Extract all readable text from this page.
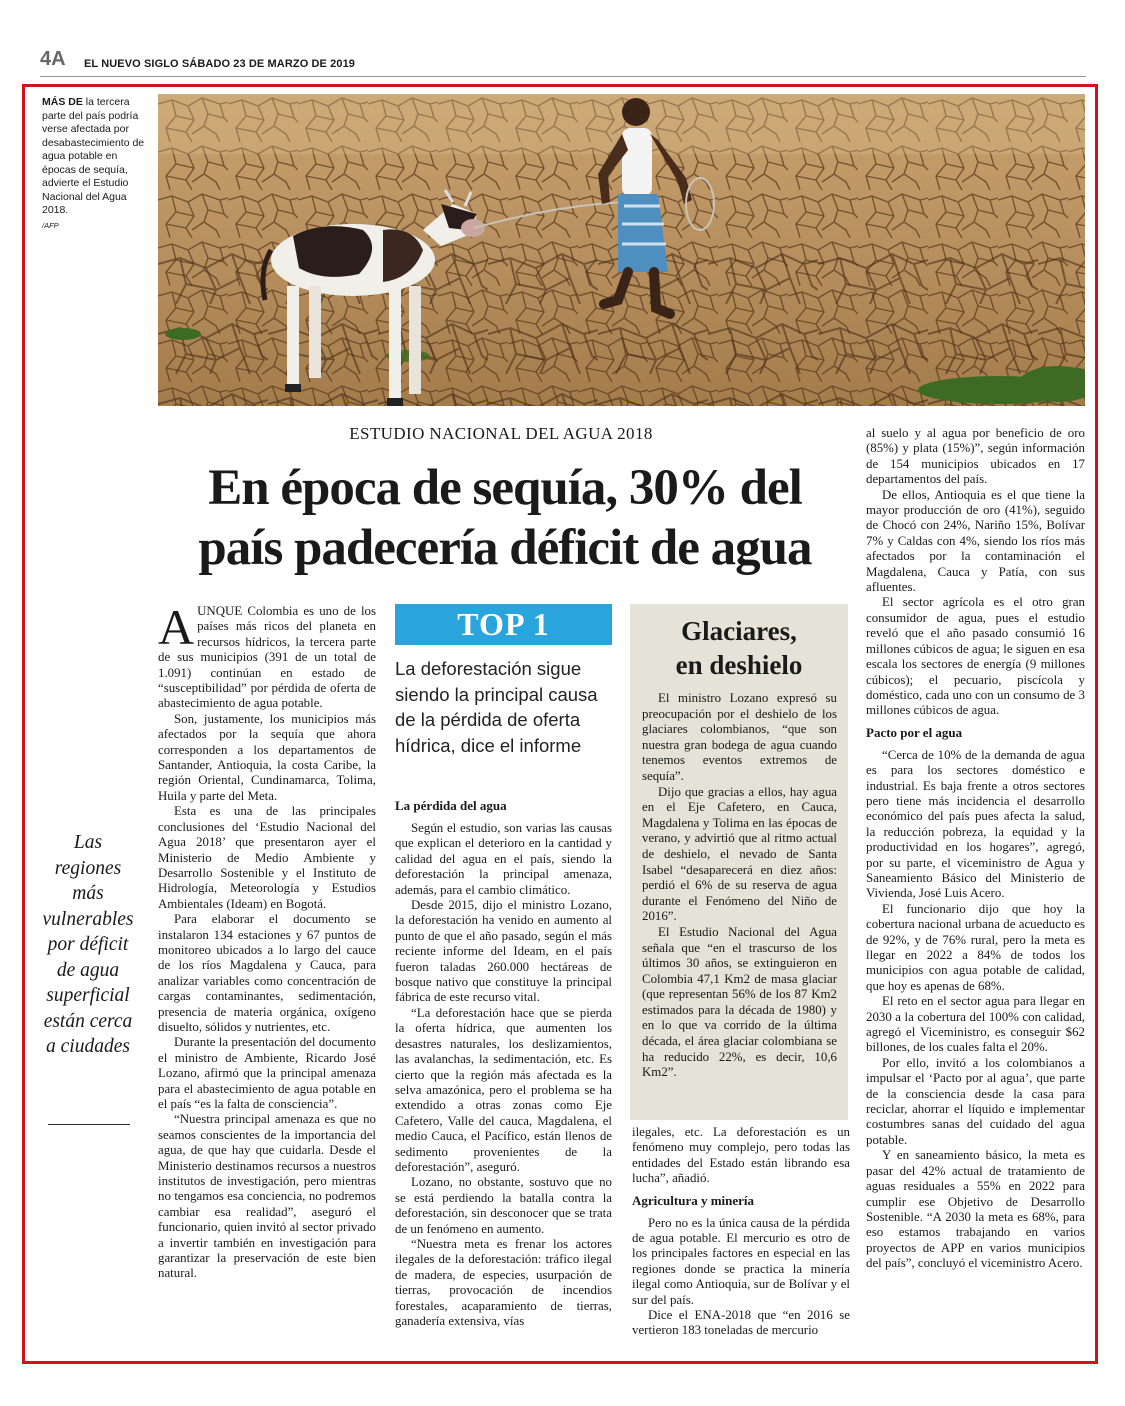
4A EL NUEVO SIGLO SÁBADO 23 DE MARZO DE 2019
MÁS DE la tercera parte del país podría verse afectada por desabastecimiento de agua potable en épocas de sequía, advierte el Estudio Nacional del Agua 2018.
/AFP
ESTUDIO NACIONAL DEL AGUA 2018
En época de sequía, 30% del
país padecería déficit de agua

AUNQUE Colombia es uno de los países más ricos del planeta en recursos hídricos, la tercera parte de sus municipios (391 de un total de 1.091) continúan en estado de “susceptibilidad” por pérdida de oferta de abastecimiento de agua potable.

Son, justamente, los municipios más afectados por la sequía que ahora corresponden a los departamentos de Santander, Antioquia, la costa Caribe, la región Oriental, Cundinamarca, Tolima, Huila y parte del Meta.

Esta es una de las principales conclusiones del ‘Estudio Nacional del Agua 2018’ que presentaron ayer el Ministerio de Medio Ambiente y Desarrollo Sostenible y el Instituto de Hidrología, Meteorología y Estudios Ambientales (Ideam) en Bogotá.

Para elaborar el documento se instalaron 134 estaciones y 67 puntos de monitoreo ubicados a lo largo del cauce de los ríos Magdalena y Cauca, para analizar variables como concentración de cargas contaminantes, sedimentación, presencia de materia orgánica, oxígeno disuelto, sólidos y nutrientes, etc.

Durante la presentación del documento el ministro de Ambiente, Ricardo José Lozano, afirmó que la principal amenaza para el abastecimiento de agua potable en el país “es la falta de consciencia”.

“Nuestra principal amenaza es que no seamos conscientes de la importancia del agua, de que hay que cuidarla. Desde el Ministerio destinamos recursos a nuestros institutos de investigación, pero mientras no tengamos esa conciencia, no podremos cambiar esa realidad”, aseguró el funcionario, quien invitó al sector privado a invertir también en investigación para garantizar la preservación de este bien natural.

Las regiones más vulnerables por déficit de agua superficial están cerca a ciudades
TOP 1
La deforestación sigue siendo la principal causa de la pérdida de oferta hídrica, dice el informe
La pérdida del agua

Según el estudio, son varias las causas que explican el deterioro en la cantidad y calidad del agua en el país, siendo la deforestación la principal amenaza, además, para el cambio climático.

Desde 2015, dijo el ministro Lozano, la deforestación ha venido en aumento al punto de que el año pasado, según el más reciente informe del Ideam, en el país fueron taladas 260.000 hectáreas de bosque nativo que constituye la principal fábrica de este recurso vital.

“La deforestación hace que se pierda la oferta hídrica, que aumenten los desastres naturales, los deslizamientos, las avalanchas, la sedimentación, etc. Es cierto que la región más afectada es la selva amazónica, pero el problema se ha extendido a otras zonas como Eje Cafetero, Valle del cauca, Magdalena, el medio Cauca, el Pacífico, están llenos de sedimento provenientes de la deforestación”, aseguró.

Lozano, no obstante, sostuvo que no se está perdiendo la batalla contra la deforestación, sin desconocer que se trata de un fenómeno en aumento.

“Nuestra meta es frenar los actores ilegales de la deforestación: tráfico ilegal de madera, de especies, usurpación de tierras, provocación de incendios forestales, acaparamiento de tierras, ganadería extensiva, vías

Glaciares,
en deshielo

El ministro Lozano expresó su preocupación por el deshielo de los glaciares colombianos, “que son nuestra gran bodega de agua cuando tenemos eventos extremos de sequía”.

Dijo que gracias a ellos, hay agua en el Eje Cafetero, en Cauca, Magdalena y Tolima en las épocas de verano, y advirtió que al ritmo actual de deshielo, el nevado de Santa Isabel “desaparecerá en diez años: perdió el 6% de su reserva de agua durante el Fenómeno del Niño de 2016”.

El Estudio Nacional del Agua señala que “en el trascurso de los últimos 30 años, se extinguieron en Colombia 47,1 Km2 de masa glaciar (que representan 56% de los 87 Km2 estimados para la década de 1980) y en lo que va corrido de la última década, el área glaciar colombiana se ha reducido 22%, es decir, 10,6 Km2”.

ilegales, etc. La deforestación es un fenómeno muy complejo, pero todas las entidades del Estado están librando esa lucha”, añadió.

Agricultura y minería

Pero no es la única causa de la pérdida de agua potable. El mercurio es otro de los principales factores en especial en las regiones donde se practica la minería ilegal como Antioquia, sur de Bolívar y el sur del país.

Dice el ENA-2018 que “en 2016 se vertieron 183 toneladas de mercurio

al suelo y al agua por beneficio de oro (85%) y plata (15%)”, según información de 154 municipios ubicados en 17 departamentos del país.

De ellos, Antioquia es el que tiene la mayor producción de oro (41%), seguido de Chocó con 24%, Nariño 15%, Bolívar 7% y Caldas con 4%, siendo los ríos más afectados por la contaminación el Magdalena, Cauca y Patía, con sus afluentes.

El sector agrícola es el otro gran consumidor de agua, pues el estudio reveló que el año pasado consumió 16 millones cúbicos de agua; le siguen en esa escala los sectores de energía (9 millones cúbicos); el pecuario, piscícola y doméstico, cada uno con un consumo de 3 millones cúbicos de agua.

Pacto por el agua

“Cerca de 10% de la demanda de agua es para los sectores doméstico e industrial. Es baja frente a otros sectores pero tiene más incidencia el desarrollo económico del país pues afecta la salud, la reducción pobreza, la equidad y la productividad en los hogares”, agregó, por su parte, el viceministro de Agua y Saneamiento Básico del Ministerio de Vivienda, José Luis Acero.

El funcionario dijo que hoy la cobertura nacional urbana de acueducto es de 92%, y de 76% rural, pero la meta es llegar en 2022 a 84% de todos los municipios con agua potable de calidad, que hoy es apenas de 68%.

El reto en el sector agua para llegar en 2030 a la cobertura del 100% con calidad, agregó el Viceministro, es conseguir $62 billones, de los cuales falta el 20%.

Por ello, invitó a los colombianos a impulsar el ‘Pacto por al agua’, que parte de la consciencia desde la casa para reciclar, ahorrar el líquido e implementar costumbres sanas del cuidado del agua potable.

Y en saneamiento básico, la meta es pasar del 42% actual de tratamiento de aguas residuales a 55% en 2022 para cumplir ese Objetivo de Desarrollo Sostenible. “A 2030 la meta es 68%, para eso estamos trabajando en varios proyectos de APP en varios municipios del país”, concluyó el viceministro Acero.
